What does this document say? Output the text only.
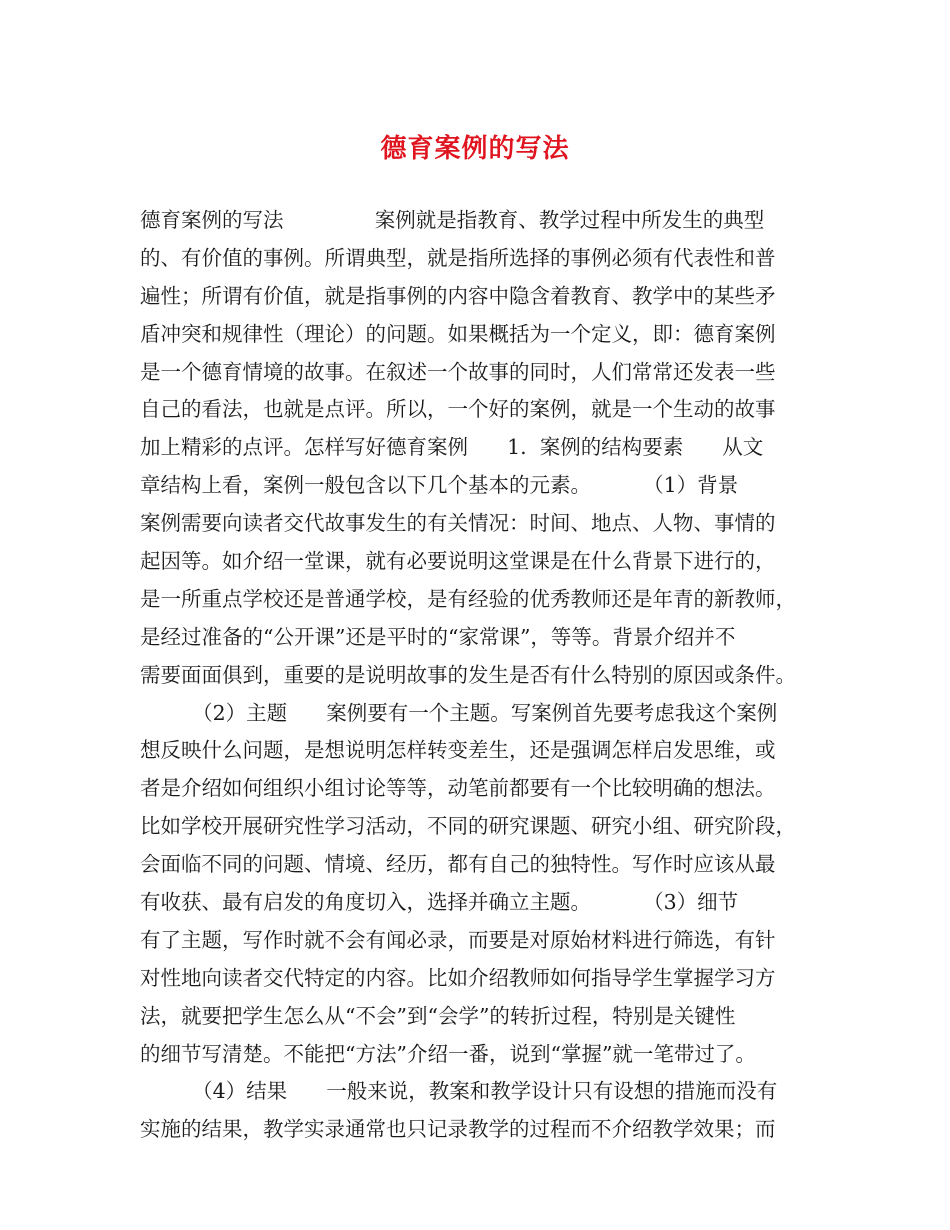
德育案例的写法
德育案例的写法              案例就是指教育、教学过程中所发生的典型
的、有价值的事例。所谓典型，就是指所选择的事例必须有代表性和普
遍性；所谓有价值，就是指事例的内容中隐含着教育、教学中的某些矛
盾冲突和规律性（理论）的问题。如果概括为一个定义，即：德育案例
是一个德育情境的故事。在叙述一个故事的同时，人们常常还发表一些
自己的看法，也就是点评。所以，一个好的案例，就是一个生动的故事
加上精彩的点评。怎样写好德育案例      1.  案例的结构要素      从文
章结构上看，案例一般包含以下几个基本的元素。        （1）背景
案例需要向读者交代故事发生的有关情况：时间、地点、人物、事情的
起因等。如介绍一堂课，就有必要说明这堂课是在什么背景下进行的，
是一所重点学校还是普通学校，是有经验的优秀教师还是年青的新教师，
是经过准备的“公开课”还是平时的“家常课”，等等。背景介绍并不
需要面面俱到，重要的是说明故事的发生是否有什么特别的原因或条件。
（2）主题      案例要有一个主题。写案例首先要考虑我这个案例
想反映什么问题，是想说明怎样转变差生，还是强调怎样启发思维，或
者是介绍如何组织小组讨论等等，动笔前都要有一个比较明确的想法。
比如学校开展研究性学习活动，不同的研究课题、研究小组、研究阶段，
会面临不同的问题、情境、经历，都有自己的独特性。写作时应该从最
有收获、最有启发的角度切入，选择并确立主题。        （3）细节
有了主题，写作时就不会有闻必录，而要是对原始材料进行筛选，有针
对性地向读者交代特定的内容。比如介绍教师如何指导学生掌握学习方
法，就要把学生怎么从“不会”到“会学”的转折过程，特别是关键性
的细节写清楚。不能把“方法”介绍一番，说到“掌握”就一笔带过了。
（4）结果      一般来说，教案和教学设计只有设想的措施而没有
实施的结果，教学实录通常也只记录教学的过程而不介绍教学效果；而
